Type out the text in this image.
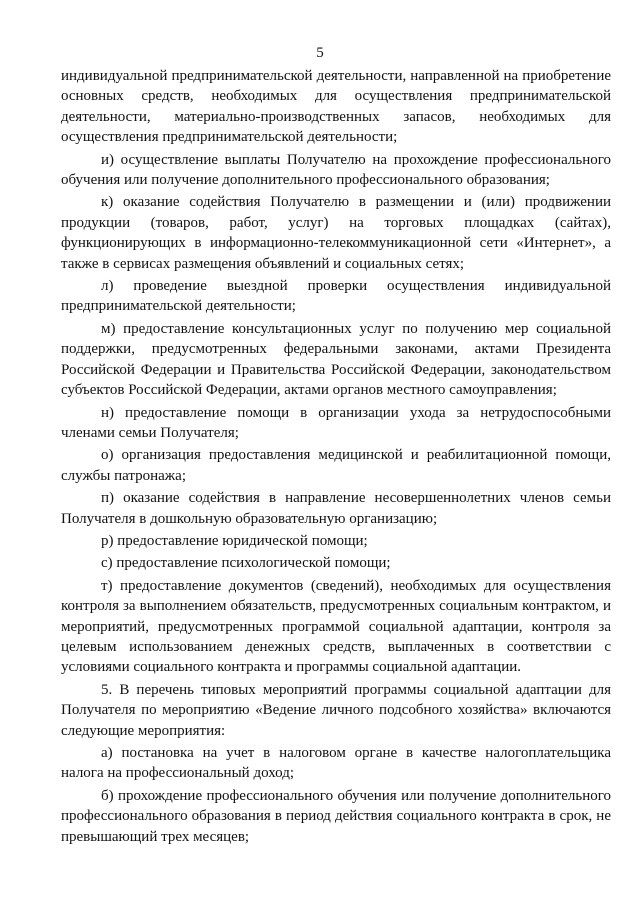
5

индивидуальной предпринимательской деятельности, направленной на приобретение основных средств, необходимых для осуществления предпринимательской деятельности, материально-производственных запасов, необходимых для осуществления предпринимательской деятельности;

и) осуществление выплаты Получателю на прохождение профессионального обучения или получение дополнительного профессионального образования;

к) оказание содействия Получателю в размещении и (или) продвижении продукции (товаров, работ, услуг) на торговых площадках (сайтах), функционирующих в информационно-телекоммуникационной сети «Интернет», а также в сервисах размещения объявлений и социальных сетях;

л) проведение выездной проверки осуществления индивидуальной предпринимательской деятельности;

м) предоставление консультационных услуг по получению мер социальной поддержки, предусмотренных федеральными законами, актами Президента Российской Федерации и Правительства Российской Федерации, законодательством субъектов Российской Федерации, актами органов местного самоуправления;

н) предоставление помощи в организации ухода за нетрудоспособными членами семьи Получателя;

о) организация предоставления медицинской и реабилитационной помощи, службы патронажа;

п) оказание содействия в направление несовершеннолетних членов семьи Получателя в дошкольную образовательную организацию;

р) предоставление юридической помощи;

с) предоставление психологической помощи;

т) предоставление документов (сведений), необходимых для осуществления контроля за выполнением обязательств, предусмотренных социальным контрактом, и мероприятий, предусмотренных программой социальной адаптации, контроля за целевым использованием денежных средств, выплаченных в соответствии с условиями социального контракта и программы социальной адаптации.

5. В перечень типовых мероприятий программы социальной адаптации для Получателя по мероприятию «Ведение личного подсобного хозяйства» включаются следующие мероприятия:

а) постановка на учет в налоговом органе в качестве налогоплательщика налога на профессиональный доход;

б) прохождение профессионального обучения или получение дополнительного профессионального образования в период действия социального контракта в срок, не превышающий трех месяцев;
